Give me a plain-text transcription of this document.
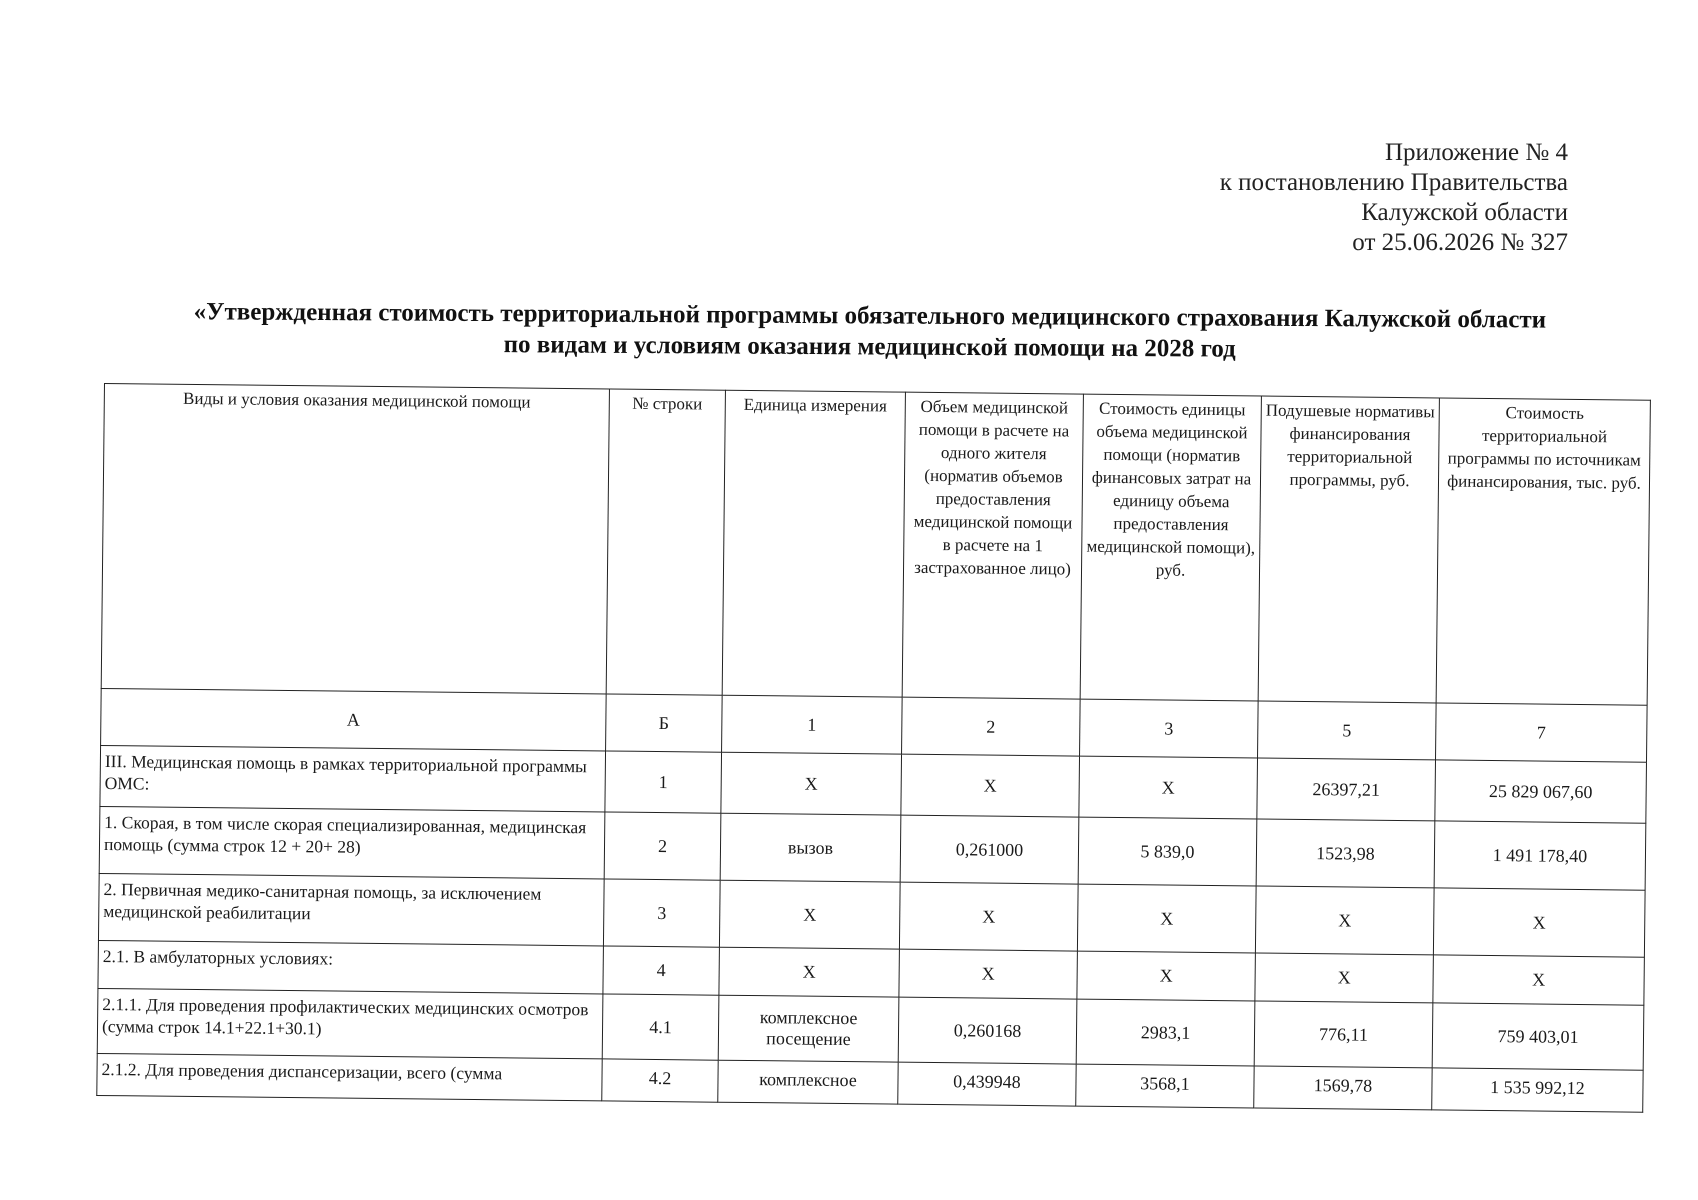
Приложение № 4
к постановлению Правительства
Калужской области
от 25.06.2026 № 327
«Утвержденная стоимость территориальной программы обязательного медицинского страхования Калужской области
по видам и условиям оказания медицинской помощи на 2028 год
Виды и условия оказания медицинской помощи	№ строки	Единица измерения	Объем медицинской помощи в расчете на одного жителя (норматив объемов предоставления медицинской помощи в расчете на 1 застрахованное лицо)	Стоимость единицы объема медицинской помощи (норматив финансовых затрат на единицу объема предоставления медицинской помощи), руб.	Подушевые нормативы финансирования территориальной программы, руб.	Стоимость территориальной программы по источникам финансирования, тыс. руб.
А	Б	1	2	3	5	7
III. Медицинская помощь в рамках территориальной программы ОМС:	1	Х	Х	Х	26397,21	25 829 067,60
1. Скорая, в том числе скорая специализированная, медицинская помощь (сумма строк 12 + 20+ 28)	2	вызов	0,261000	5 839,0	1523,98	1 491 178,40
2. Первичная медико-санитарная помощь, за исключением медицинской реабилитации	3	Х	Х	Х	Х	Х
2.1. В амбулаторных условиях:	4	Х	Х	Х	Х	Х
2.1.1. Для проведения профилактических медицинских осмотров (сумма строк 14.1+22.1+30.1)	4.1	комплексное посещение	0,260168	2983,1	776,11	759 403,01
2.1.2. Для проведения диспансеризации, всего (сумма	4.2	комплексное	0,439948	3568,1	1569,78	1 535 992,12
